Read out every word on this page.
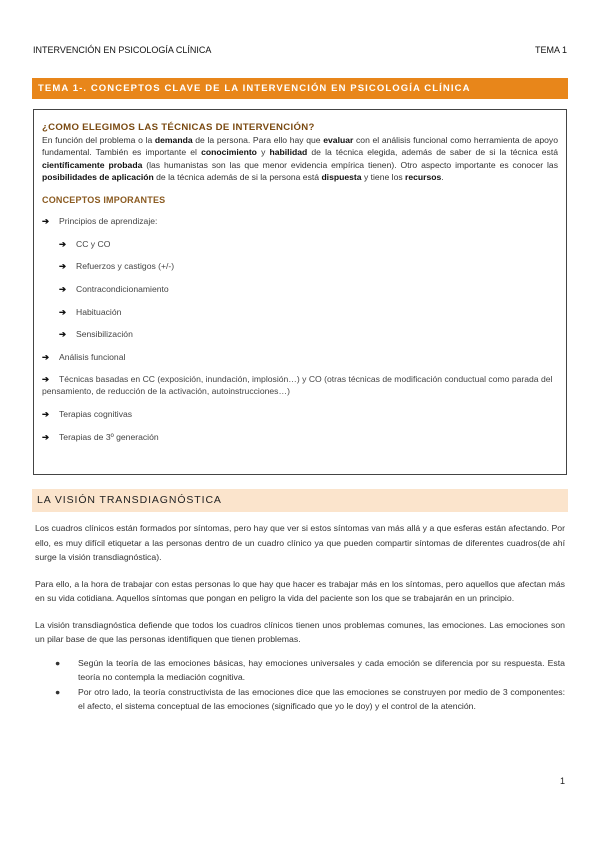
INTERVENCIÓN EN PSICOLOGÍA CLÍNICA	TEMA 1
TEMA 1-. CONCEPTOS CLAVE DE LA INTERVENCIÓN EN PSICOLOGÍA CLÍNICA
¿COMO ELEGIMOS LAS TÉCNICAS DE INTERVENCIÓN?
En función del problema o la demanda de la persona. Para ello hay que evaluar con el análisis funcional como herramienta de apoyo fundamental. También es importante el conocimiento y habilidad de la técnica elegida, además de saber de si la técnica está científicamente probada (las humanistas son las que menor evidencia empírica tienen). Otro aspecto importante es conocer las posibilidades de aplicación de la técnica además de si la persona está dispuesta y tiene los recursos.
CONCEPTOS IMPORANTES
➔	Principios de aprendizaje:
➔	CC y CO
➔	Refuerzos y castigos (+/-)
➔	Contracondicionamiento
➔	Habituación
➔	Sensibilización
➔	Análisis funcional
➔ Técnicas basadas en CC (exposición, inundación, implosión…) y CO (otras técnicas de modificación conductual como parada del pensamiento, de reducción de la activación, autoinstrucciones…)
➔	Terapias cognitivas
➔	Terapias de 3º generación
LA VISIÓN TRANSDIAGNÓSTICA

Los cuadros clínicos están formados por síntomas, pero hay que ver si estos síntomas van más allá y a que esferas están afectando. Por ello, es muy difícil etiquetar a las personas dentro de un cuadro clínico ya que pueden compartir síntomas de diferentes cuadros(de ahí surge la visión transdiagnóstica).

Para ello, a la hora de trabajar con estas personas lo que hay que hacer es trabajar más en los síntomas, pero aquellos que afectan más en su vida cotidiana. Aquellos síntomas que pongan en peligro la vida del paciente son los que se trabajarán en un principio.

La visión transdiagnóstica defiende que todos los cuadros clínicos tienen unos problemas comunes, las emociones. Las emociones son un pilar base de que las personas identifiquen que tienen problemas.

●	Según la teoría de las emociones básicas, hay emociones universales y cada emoción se diferencia por su respuesta. Esta teoría no contempla la mediación cognitiva.
●	Por otro lado, la teoría constructivista de las emociones dice que las emociones se construyen por medio de 3 componentes: el afecto, el sistema conceptual de las emociones (significado que yo le doy) y el control de la atención.
1
